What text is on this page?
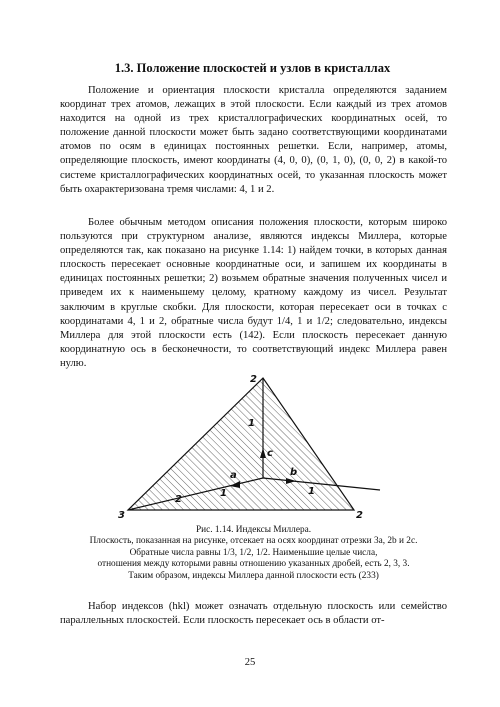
1.3. Положение плоскостей и узлов в кристаллах

Положение и ориентация плоскости кристалла определяются заданием координат трех атомов, лежащих в этой плоскости. Если каждый из трех атомов находится на одной из трех кристаллографических координатных осей, то положение данной плоскости может быть задано соответствующими координатами атомов по осям в единицах постоянных решетки. Если, например, атомы, определяющие плоскость, имеют координаты (4, 0, 0), (0, 1, 0), (0, 0, 2) в какой-то системе кристаллографических координатных осей, то указанная плоскость может быть охарактеризована тремя числами: 4, 1 и 2.

Более обычным методом описания положения плоскости, которым широко пользуются при структурном анализе, являются индексы Миллера, которые определяются так, как показано на рисунке 1.14: 1) найдем точки, в которых данная плоскость пересекает основные координатные оси, и запишем их координаты в единицах постоянных решетки; 2) возьмем обратные значения полученных чисел и приведем их к наименьшему целому, кратному каждому из чисел. Результат заключим в круглые скобки. Для плоскости, которая пересекает оси в точках с координатами 4, 1 и 2, обратные числа будут 1/4, 1 и 1/2; следовательно, индексы Миллера для этой плоскости есть (142). Если плоскость пересекает данную координатную ось в бесконечности, то соответствующий индекс Миллера равен нулю.

2
3	2
c
a	b
1
2
1	1
Рис. 1.14. Индексы Миллера.
Плоскость, показанная на рисунке, отсекает на осях координат отрезки 3a, 2b и 2c.
Обратные числа равны 1/3, 1/2, 1/2. Наименьшие целые числа,
отношения между которыми равны отношению указанных дробей, есть 2, 3, 3.
Таким образом, индексы Миллера данной плоскости есть (233)

Набор индексов (hkl) может означать отдельную плоскость или семейство параллельных плоскостей. Если плоскость пересекает ось в области от-

25
